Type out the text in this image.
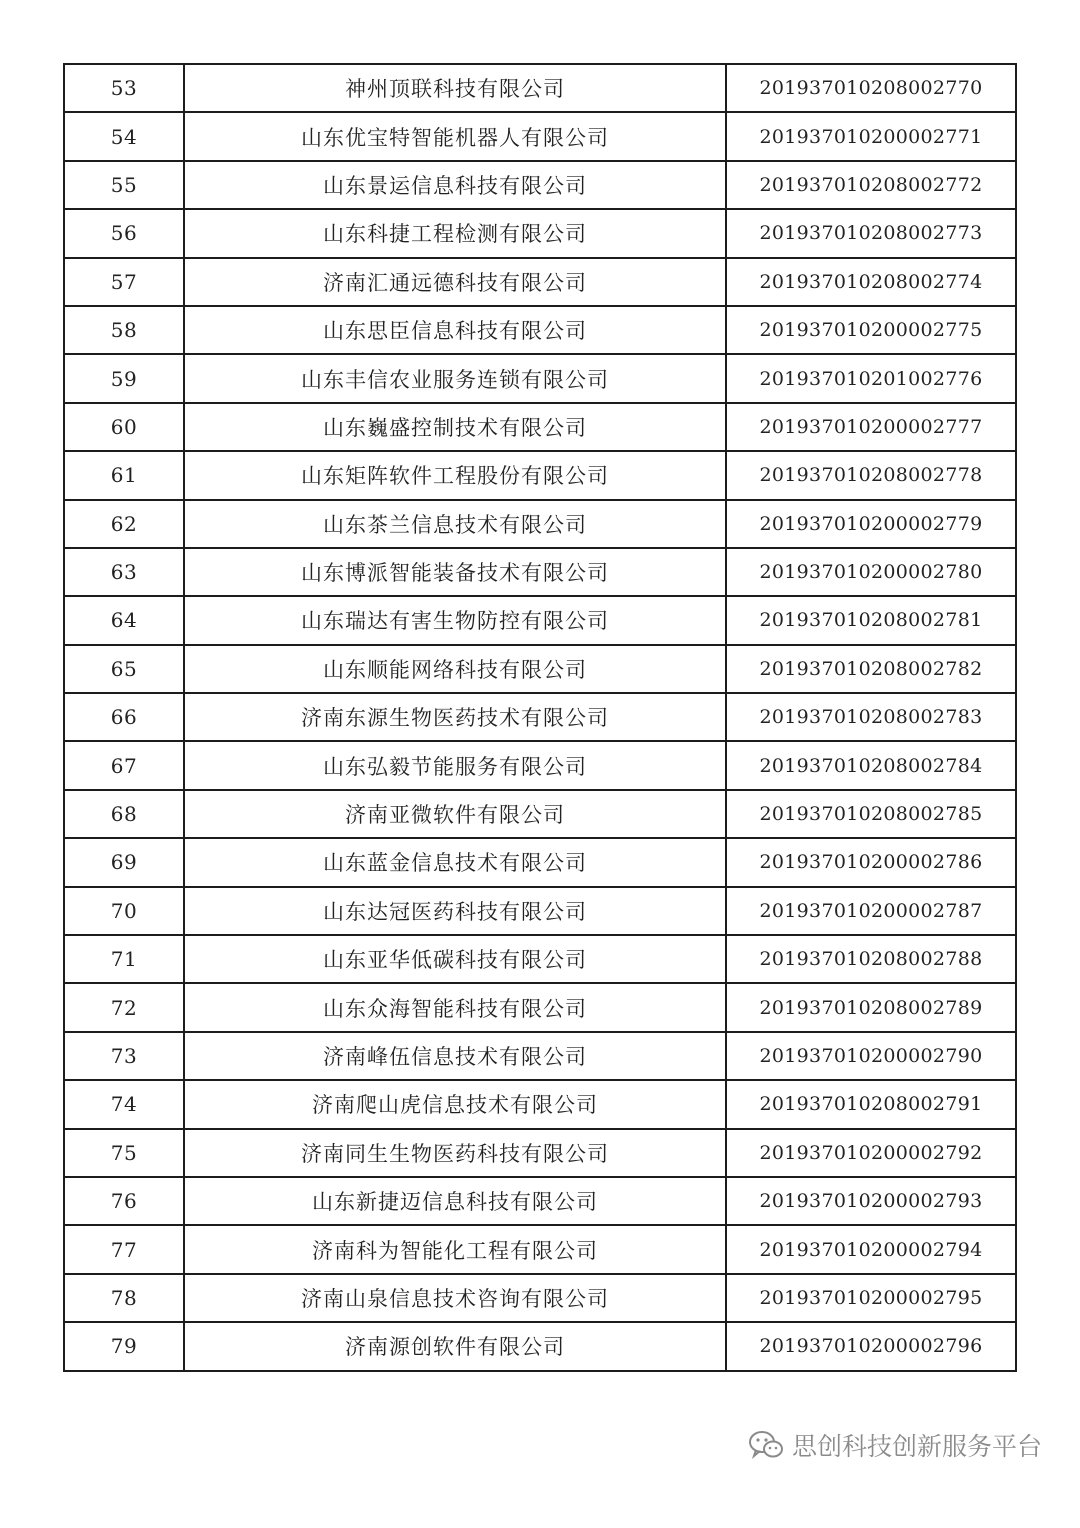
53	神州顶联科技有限公司	201937010208002770
54	山东优宝特智能机器人有限公司	201937010200002771
55	山东景运信息科技有限公司	201937010208002772
56	山东科捷工程检测有限公司	201937010208002773
57	济南汇通远德科技有限公司	201937010208002774
58	山东思臣信息科技有限公司	201937010200002775
59	山东丰信农业服务连锁有限公司	201937010201002776
60	山东巍盛控制技术有限公司	201937010200002777
61	山东矩阵软件工程股份有限公司	201937010208002778
62	山东茶兰信息技术有限公司	201937010200002779
63	山东博派智能装备技术有限公司	201937010200002780
64	山东瑞达有害生物防控有限公司	201937010208002781
65	山东顺能网络科技有限公司	201937010208002782
66	济南东源生物医药技术有限公司	201937010208002783
67	山东弘毅节能服务有限公司	201937010208002784
68	济南亚微软件有限公司	201937010208002785
69	山东蓝金信息技术有限公司	201937010200002786
70	山东达冠医药科技有限公司	201937010200002787
71	山东亚华低碳科技有限公司	201937010208002788
72	山东众海智能科技有限公司	201937010208002789
73	济南峰伍信息技术有限公司	201937010200002790
74	济南爬山虎信息技术有限公司	201937010208002791
75	济南同生生物医药科技有限公司	201937010200002792
76	山东新捷迈信息科技有限公司	201937010200002793
77	济南科为智能化工程有限公司	201937010200002794
78	济南山泉信息技术咨询有限公司	201937010200002795
79	济南源创软件有限公司	201937010200002796
思创科技创新服务平台
